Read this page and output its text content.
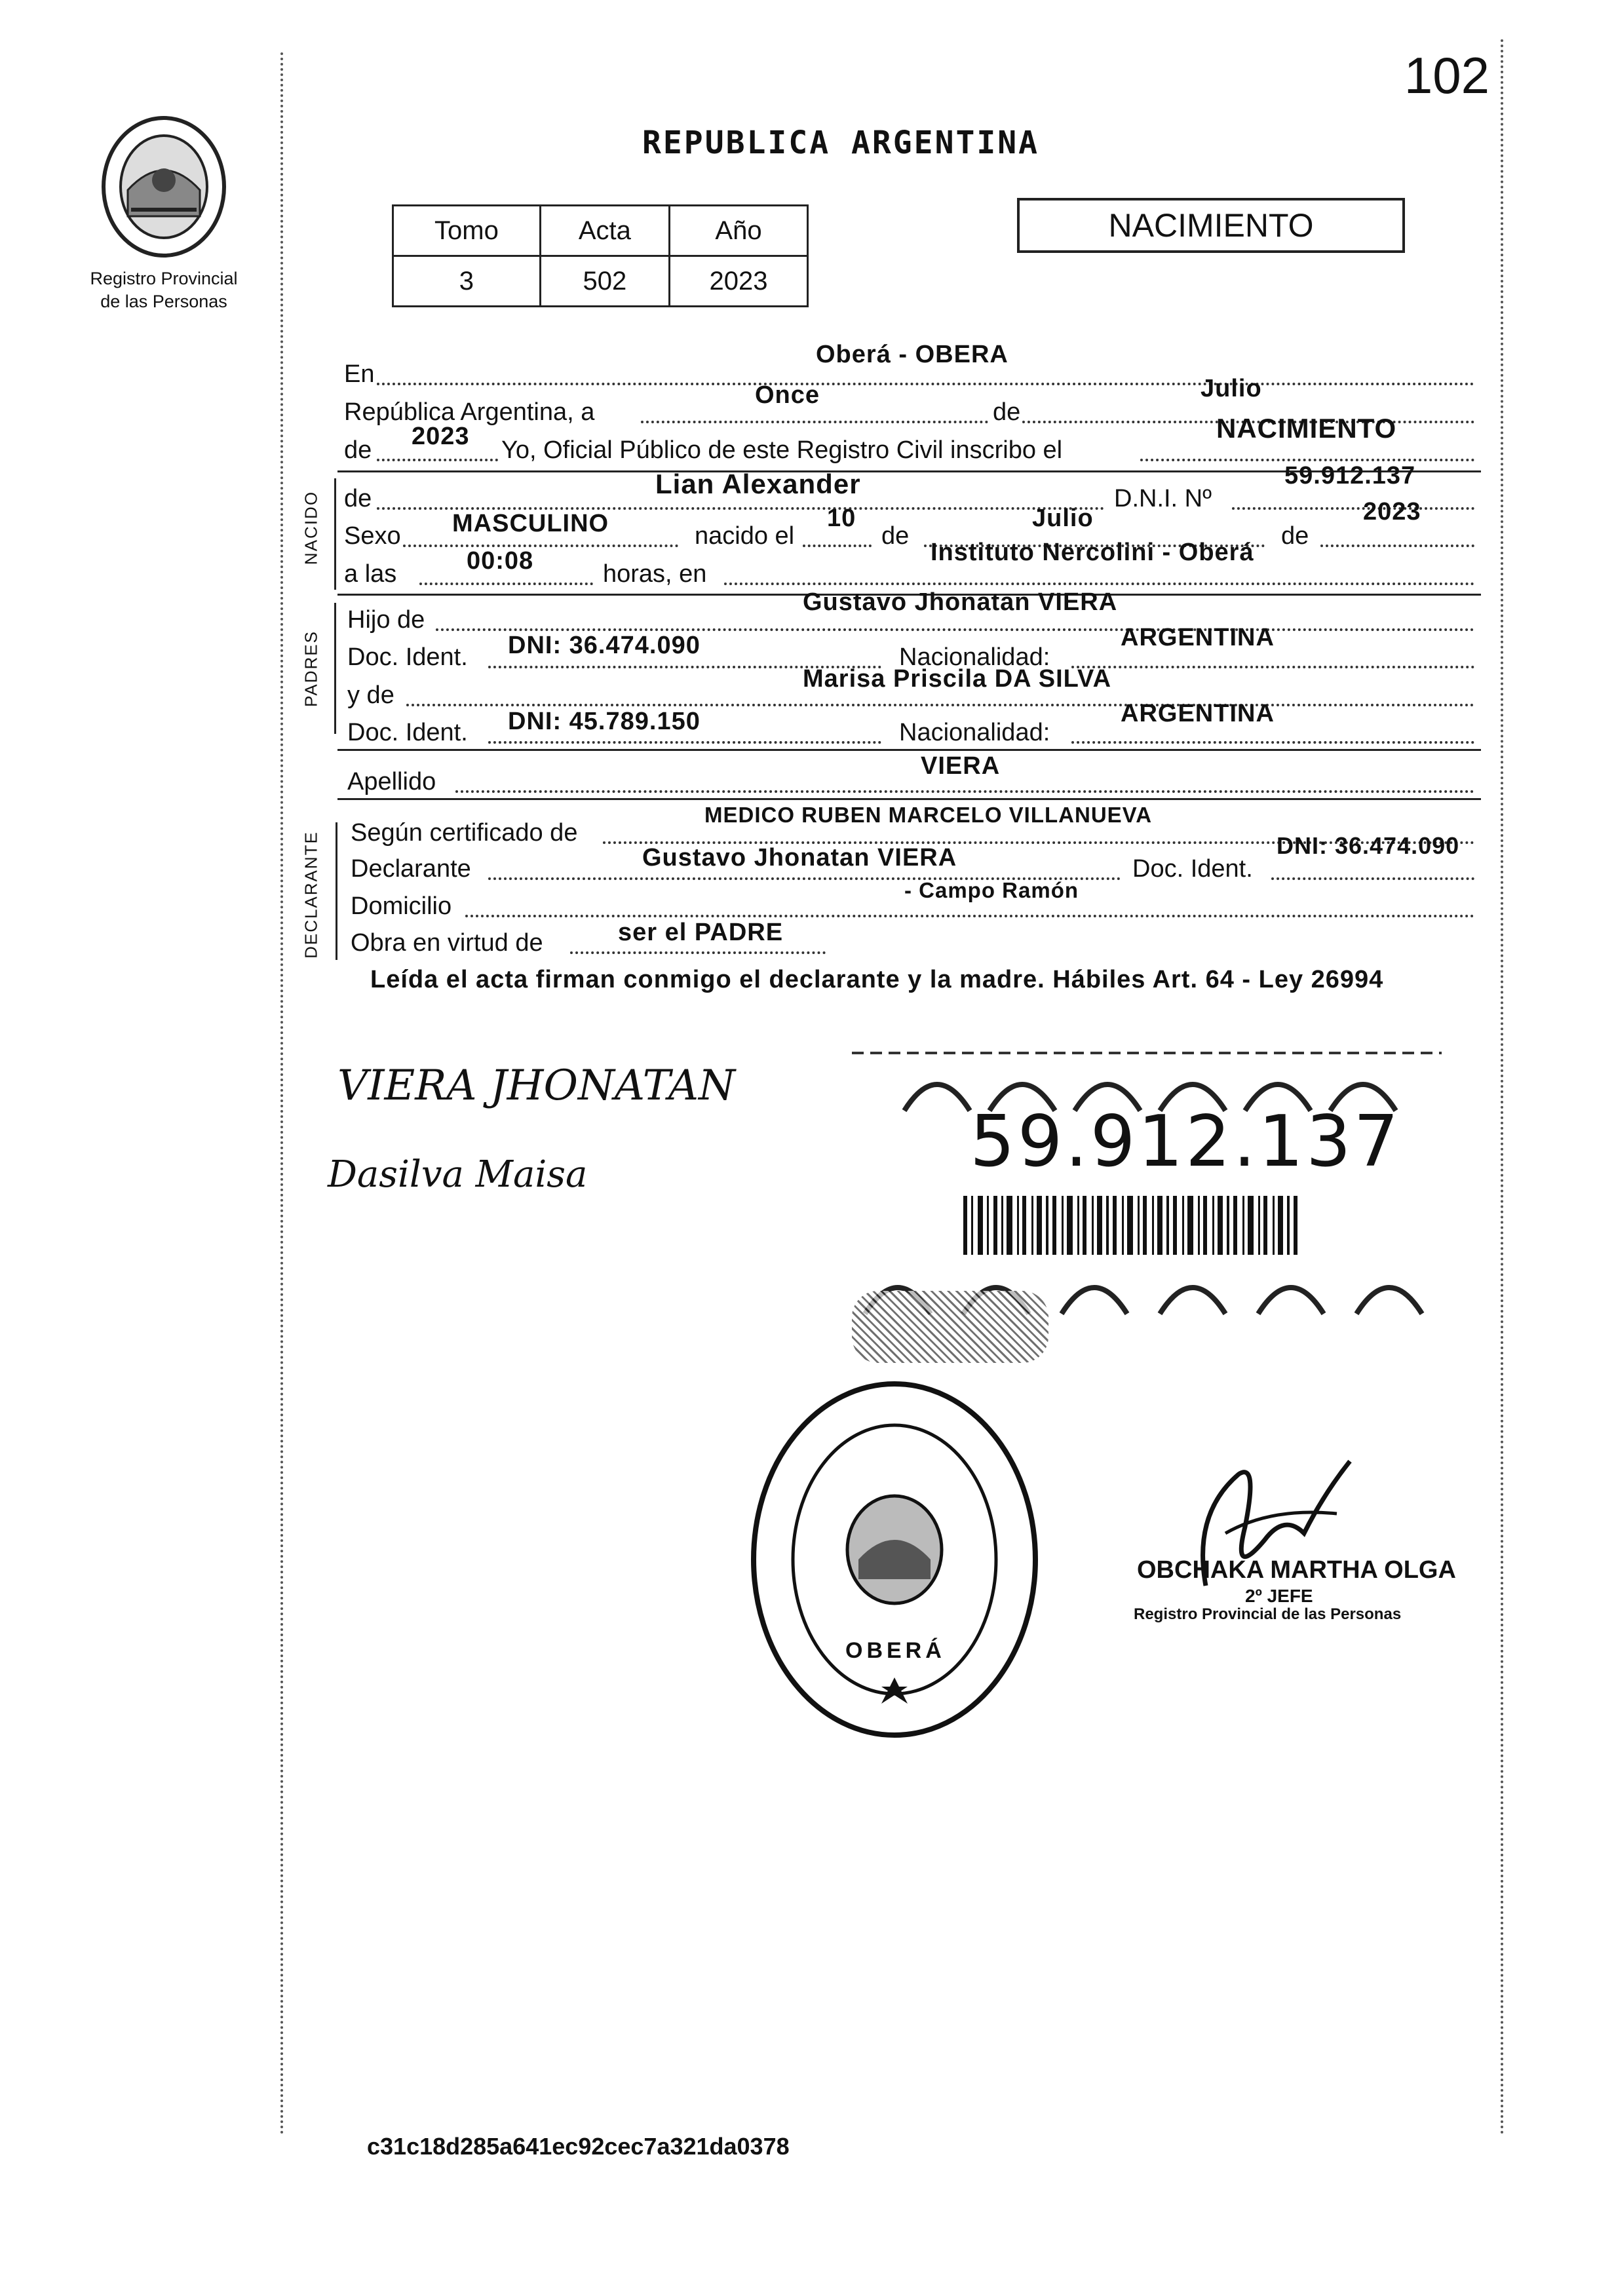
102
Registro Provincial
de las Personas
REPUBLICA ARGENTINA
Tomo	Acta	Año
3	502	2023
NACIMIENTO
En
Oberá - OBERA
República Argentina, a
Once
de
Julio
de 2023 Yo, Oficial Público de este Registro Civil inscribo el
NACIMIENTO
NACIDO de	Lian Alexander	D.N.I. Nº
59.912.137
Sexo MASCULINO	nacido el
10
de
Julio
de
2023
a las	00:08	horas, en
Instituto Nercolini - Oberá
PADRES
Hijo de
Gustavo Jhonatan VIERA
Doc. Ident. DNI: 36.474.090	Nacionalidad:
ARGENTINA
y de
Marisa Priscila DA SILVA
Doc. Ident. DNI: 45.789.150	Nacionalidad:
ARGENTINA
Apellido
VIERA
DECLARANTE Según certificado de
MEDICO RUBEN MARCELO VILLANUEVA
Declarante	Gustavo Jhonatan VIERA	Doc. Ident.
DNI: 36.474.090
Domicilio
- Campo Ramón
Obra en virtud de	ser el PADRE
Leída el acta firman conmigo el declarante y la madre. Hábiles Art. 64 - Ley 26994
VIERA JHONATAN
Dasilva Maisa	59.912.137
OBERÁ
OBCHAKA MARTHA OLGA
2º JEFE
Registro Provincial de las Personas
c31c18d285a641ec92cec7a321da0378
